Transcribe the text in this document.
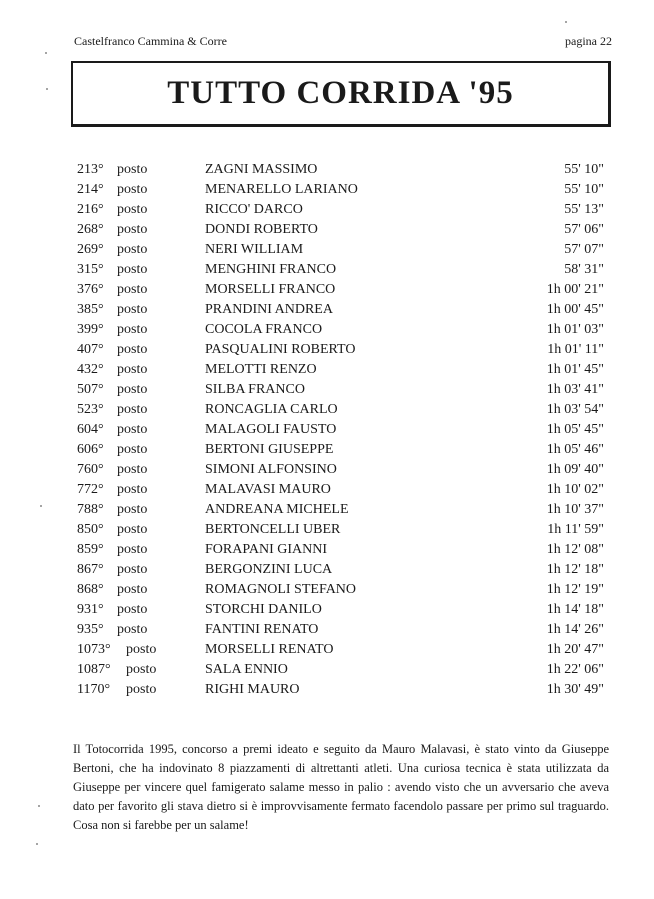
Castelfranco Cammina & Corre	pagina 22
TUTTO CORRIDA '95
213° posto	ZAGNI MASSIMO	55' 10"
214° posto	MENARELLO LARIANO	55' 10"
216° posto	RICCO' DARCO	55' 13"
268° posto	DONDI ROBERTO	57' 06"
269° posto	NERI WILLIAM	57' 07"
315° posto	MENGHINI FRANCO	58' 31"
376° posto	MORSELLI FRANCO	1h 00' 21"
385° posto	PRANDINI ANDREA	1h 00' 45"
399° posto	COCOLA FRANCO	1h 01' 03"
407° posto	PASQUALINI ROBERTO	1h 01' 11"
432° posto	MELOTTI RENZO	1h 01' 45"
507° posto	SILBA FRANCO	1h 03' 41"
523° posto	RONCAGLIA CARLO	1h 03' 54"
604° posto	MALAGOLI FAUSTO	1h 05' 45"
606° posto	BERTONI GIUSEPPE	1h 05' 46"
760° posto	SIMONI ALFONSINO	1h 09' 40"
772° posto	MALAVASI MAURO	1h 10' 02"
788° posto	ANDREANA MICHELE	1h 10' 37"
850° posto	BERTONCELLI UBER	1h 11' 59"
859° posto	FORAPANI GIANNI	1h 12' 08"
867° posto	BERGONZINI LUCA	1h 12' 18"
868° posto	ROMAGNOLI STEFANO	1h 12' 19"
931° posto	STORCHI DANILO	1h 14' 18"
935° posto	FANTINI RENATO	1h 14' 26"
1073° posto	MORSELLI RENATO	1h 20' 47"
1087° posto	SALA ENNIO	1h 22' 06"
1170° posto	RIGHI MAURO	1h 30' 49"
Il Totocorrida 1995, concorso a premi ideato e seguito da Mauro Malavasi, è stato vinto da Giuseppe Bertoni, che ha indovinato 8 piazzamenti di altrettanti atleti. Una curiosa tecnica è stata utilizzata da Giuseppe per vincere quel famigerato salame messo in palio : avendo visto che un avversario che aveva dato per favorito gli stava dietro si è improvvisamente fermato facendolo passare per primo sul traguardo. Cosa non si farebbe per un salame!
